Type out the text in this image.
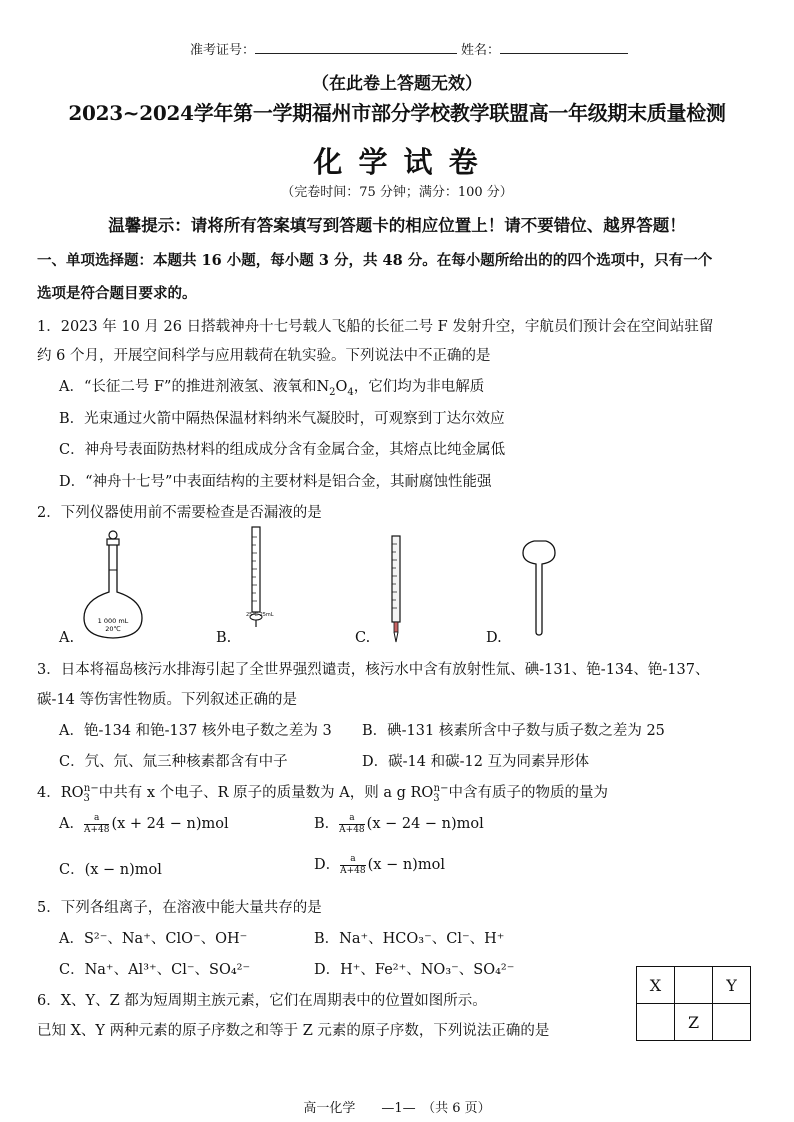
准考证号：	姓名：
（在此卷上答题无效）
2023~2024学年第一学期福州市部分学校教学联盟高一年级期末质量检测
化 学 试 卷
（完卷时间：75 分钟；满分：100 分）
温馨提示：请将所有答案填写到答题卡的相应位置上！请不要错位、越界答题！
一、单项选择题：本题共 16 小题，每小题 3 分，共 48 分。在每小题所给出的的四个选项中，只有一个
选项是符合题目要求的。
1．2023 年 10 月 26 日搭载神舟十七号载人飞船的长征二号 F 发射升空，宇航员们预计会在空间站驻留
约 6 个月，开展空间科学与应用载荷在轨实验。下列说法中不正确的是
A．“长征二号 F”的推进剂液氢、液氧和$N_2O_4$，它们均为非电解质
B．光束通过火箭中隔热保温材料纳米气凝胶时，可观察到丁达尔效应
C．神舟号表面防热材料的组成成分含有金属合金，其熔点比纯金属低
D．“神舟十七号”中表面结构的主要材料是铝合金，其耐腐蚀性能强
2．下列仪器使用前不需要检查是否漏液的是
1 000 mL
20℃
A.
25℃ 25mL
B.	C.	D.
3．日本将福岛核污水排海引起了全世界强烈谴责，核污水中含有放射性氚、碘-131、铯-134、铯-137、
碳-14 等伤害性物质。下列叙述正确的是
A．铯-134 和铯-137 核外电子数之差为 3 B．碘-131 核素所含中子数与质子数之差为 25
C．氕、氘、氚三种核素都含有中子	D．碳-14 和碳-12 互为同素异形体
4．$RO_3^{n-}$中共有 x 个电子、R 原子的质量数为 A，则 a g $RO_3^{n-}$中含有质子的物质的量为
A． $\frac{a}{A+48} (x + 24 - n)mol$	B． $\frac{a}{A+48} (x - 24 - n)mol$
C．(x − n)mol	D． $\frac{a}{A+48} (x - n)mol$
5．下列各组离子，在溶液中能大量共存的是
A．S²⁻、Na⁺、ClO⁻、OH⁻	B．Na⁺、HCO₃⁻、Cl⁻、H⁺
C．Na⁺、Al³⁺、Cl⁻、SO₄²⁻	D．H⁺、Fe²⁺、NO₃⁻、SO₄²⁻
6．X、Y、Z 都为短周期主族元素，它们在周期表中的位置如图所示。
已知 X、Y 两种元素的原子序数之和等于 Z 元素的原子序数，下列说法正确的是
X		Y
	Z	
高一化学　　—1—　（共 6 页）
